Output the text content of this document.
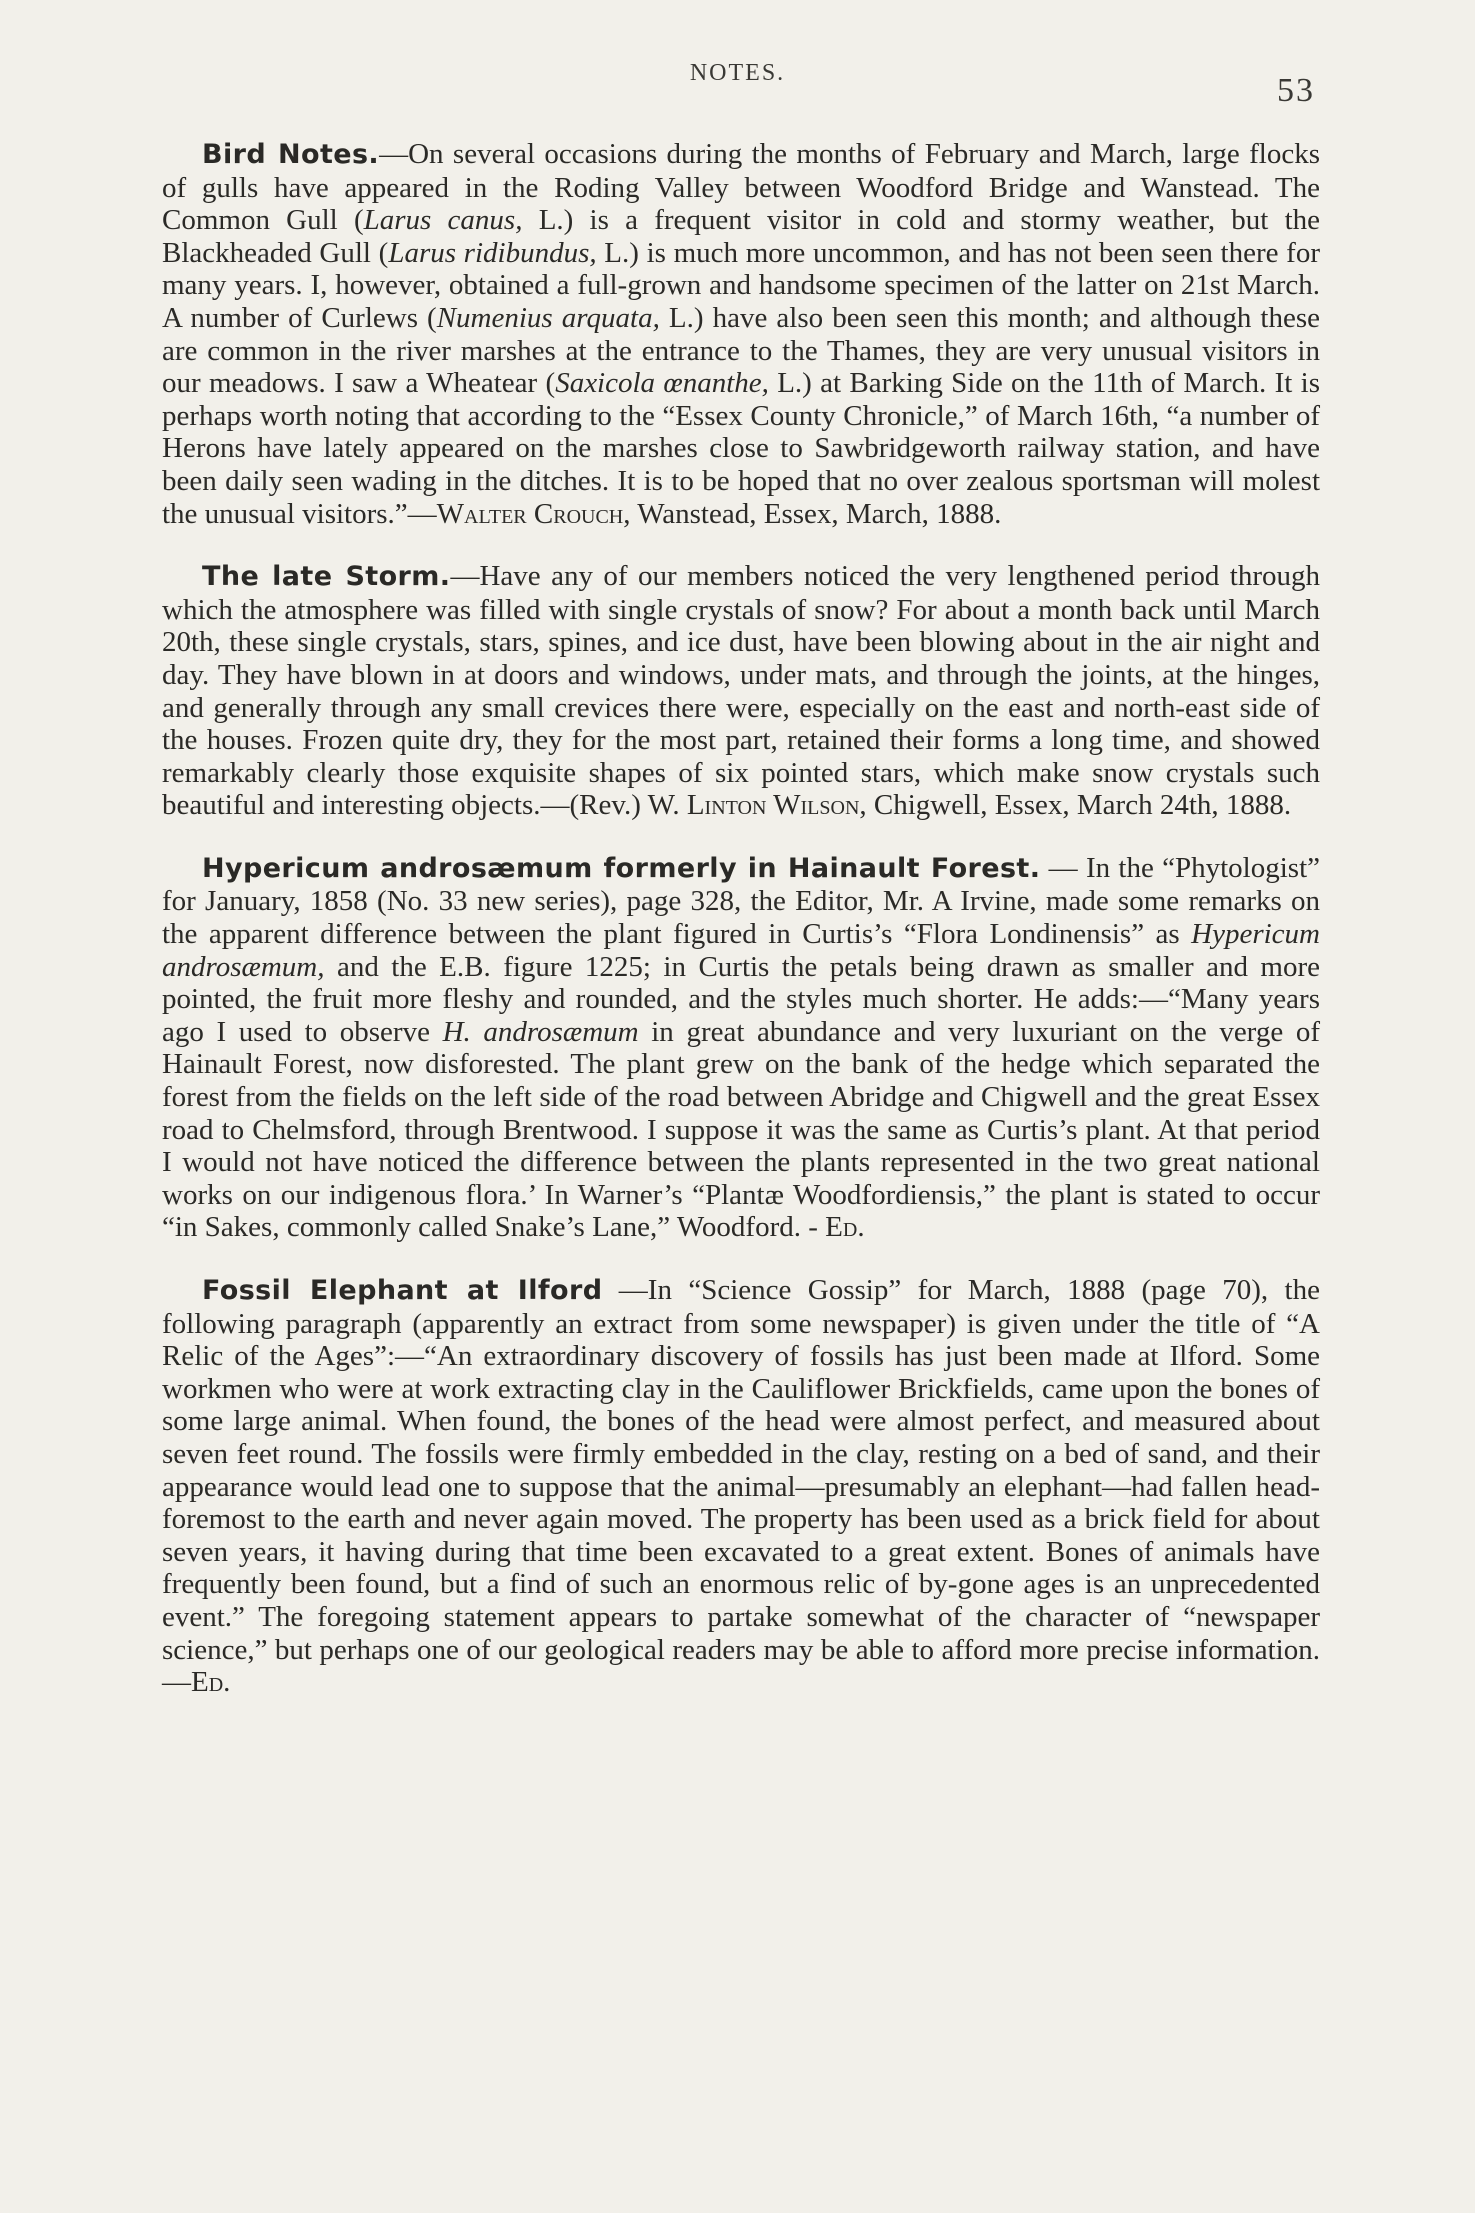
NOTES.	53

Bird Notes.—On several occasions during the months of February and March, large flocks of gulls have appeared in the Roding Valley between Woodford Bridge and Wanstead. The Common Gull (Larus canus, L.) is a frequent visitor in cold and stormy weather, but the Blackheaded Gull (Larus ridibundus, L.) is much more uncommon, and has not been seen there for many years. I, however, obtained a full-grown and handsome specimen of the latter on 21st March. A number of Curlews (Numenius arquata, L.) have also been seen this month; and although these are common in the river marshes at the entrance to the Thames, they are very unusual visitors in our meadows. I saw a Wheatear (Saxicola œnanthe, L.) at Barking Side on the 11th of March. It is perhaps worth noting that according to the “Essex County Chronicle,” of March 16th, “a number of Herons have lately appeared on the marshes close to Sawbridgeworth railway station, and have been daily seen wading in the ditches. It is to be hoped that no over zealous sportsman will molest the unusual visitors.”—Walter Crouch, Wanstead, Essex, March, 1888.

The late Storm.—Have any of our members noticed the very lengthened period through which the atmosphere was filled with single crystals of snow? For about a month back until March 20th, these single crystals, stars, spines, and ice dust, have been blowing about in the air night and day. They have blown in at doors and windows, under mats, and through the joints, at the hinges, and generally through any small crevices there were, especially on the east and north-east side of the houses. Frozen quite dry, they for the most part, retained their forms a long time, and showed remarkably clearly those exquisite shapes of six pointed stars, which make snow crystals such beautiful and interesting objects.—(Rev.) W. Linton Wilson, Chigwell, Essex, March 24th, 1888.

Hypericum androsæmum formerly in Hainault Forest. — In the “Phytologist” for January, 1858 (No. 33 new series), page 328, the Editor, Mr. A Irvine, made some remarks on the apparent difference between the plant figured in Curtis’s “Flora Londinensis” as Hypericum androsæmum, and the E.B. figure 1225; in Curtis the petals being drawn as smaller and more pointed, the fruit more fleshy and rounded, and the styles much shorter. He adds:—“Many years ago I used to observe H. androsæmum in great abundance and very luxuriant on the verge of Hainault Forest, now disforested. The plant grew on the bank of the hedge which separated the forest from the fields on the left side of the road between Abridge and Chigwell and the great Essex road to Chelmsford, through Brentwood. I suppose it was the same as Curtis’s plant. At that period I would not have noticed the difference between the plants represented in the two great national works on our indigenous flora.’ In Warner’s “Plantæ Woodfordiensis,” the plant is stated to occur “in Sakes, commonly called Snake’s Lane,” Woodford. - Ed.

Fossil Elephant at Ilford —In “Science Gossip” for March, 1888 (page 70), the following paragraph (apparently an extract from some newspaper) is given under the title of “A Relic of the Ages”:—“An extraordinary discovery of fossils has just been made at Ilford. Some workmen who were at work extracting clay in the Cauliflower Brickfields, came upon the bones of some large animal. When found, the bones of the head were almost perfect, and measured about seven feet round. The fossils were firmly embedded in the clay, resting on a bed of sand, and their appearance would lead one to suppose that the animal—presumably an elephant—had fallen head-foremost to the earth and never again moved. The property has been used as a brick field for about seven years, it having during that time been excavated to a great extent. Bones of animals have frequently been found, but a find of such an enormous relic of by-gone ages is an unprecedented event.” The foregoing statement appears to partake somewhat of the character of “newspaper science,” but perhaps one of our geological readers may be able to afford more precise information.—Ed.
